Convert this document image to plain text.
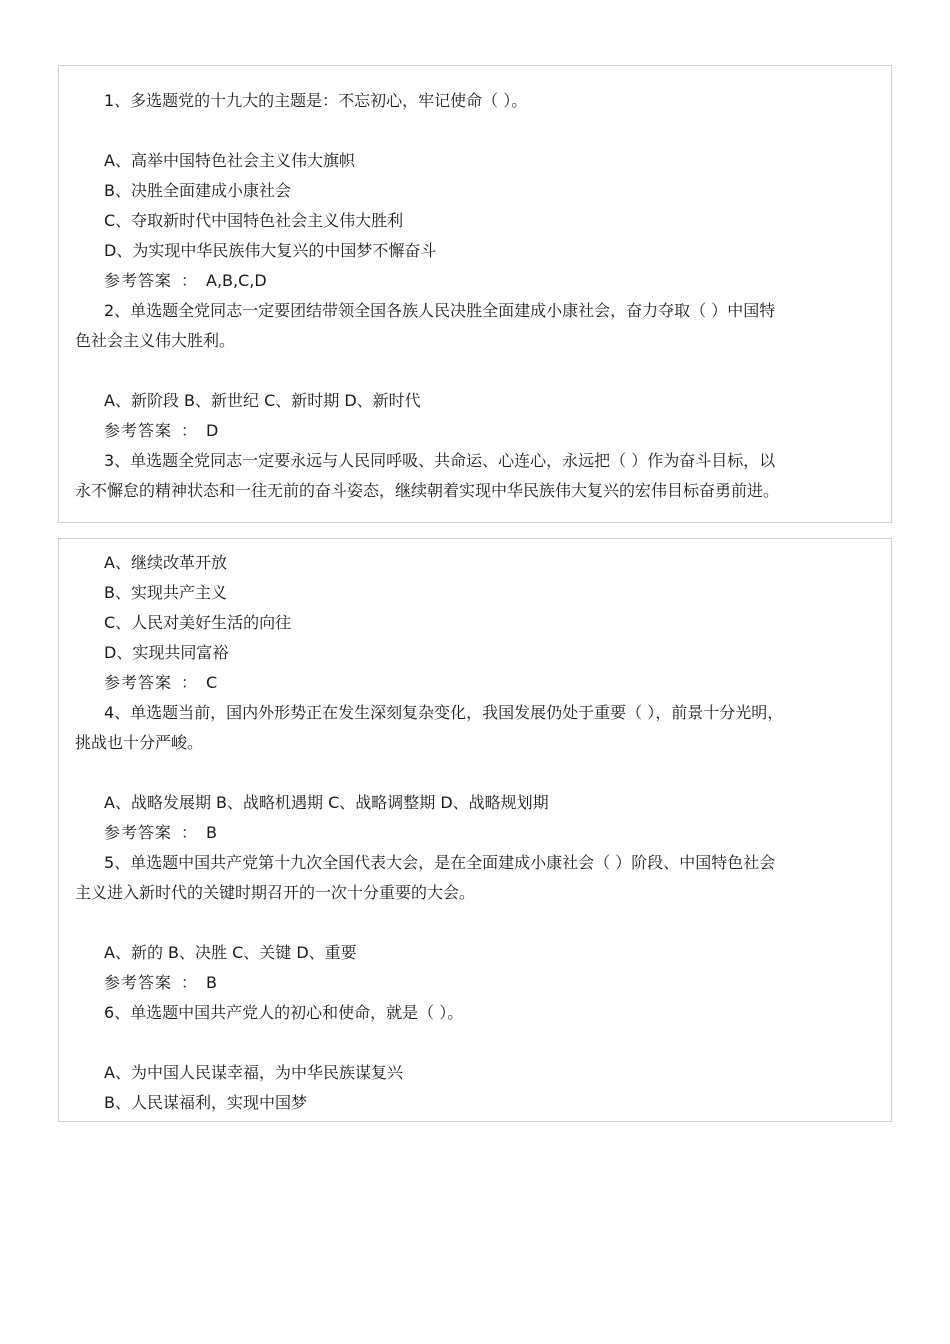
1、多选题党的十九大的主题是：不忘初心，牢记使命（ ）。
A、高举中国特色社会主义伟大旗帜
B、决胜全面建成小康社会
C、夺取新时代中国特色社会主义伟大胜利
D、为实现中华民族伟大复兴的中国梦不懈奋斗
参考答案 ： A,B,C,D
2、单选题全党同志一定要团结带领全国各族人民决胜全面建成小康社会，奋力夺取（ ）中国特
色社会主义伟大胜利。
A、新阶段 B、新世纪 C、新时期 D、新时代
参考答案 ： D
3、单选题全党同志一定要永远与人民同呼吸、共命运、心连心，永远把（ ）作为奋斗目标，以
永不懈怠的精神状态和一往无前的奋斗姿态，继续朝着实现中华民族伟大复兴的宏伟目标奋勇前进。
A、继续改革开放
B、实现共产主义
C、人民对美好生活的向往
D、实现共同富裕
参考答案 ： C
4、单选题当前，国内外形势正在发生深刻复杂变化，我国发展仍处于重要（ ），前景十分光明，
挑战也十分严峻。
A、战略发展期 B、战略机遇期 C、战略调整期 D、战略规划期
参考答案 ： B
5、单选题中国共产党第十九次全国代表大会，是在全面建成小康社会（ ）阶段、中国特色社会
主义进入新时代的关键时期召开的一次十分重要的大会。
A、新的 B、决胜 C、关键 D、重要
参考答案 ： B
6、单选题中国共产党人的初心和使命，就是（ ）。
A、为中国人民谋幸福，为中华民族谋复兴
B、人民谋福利，实现中国梦
